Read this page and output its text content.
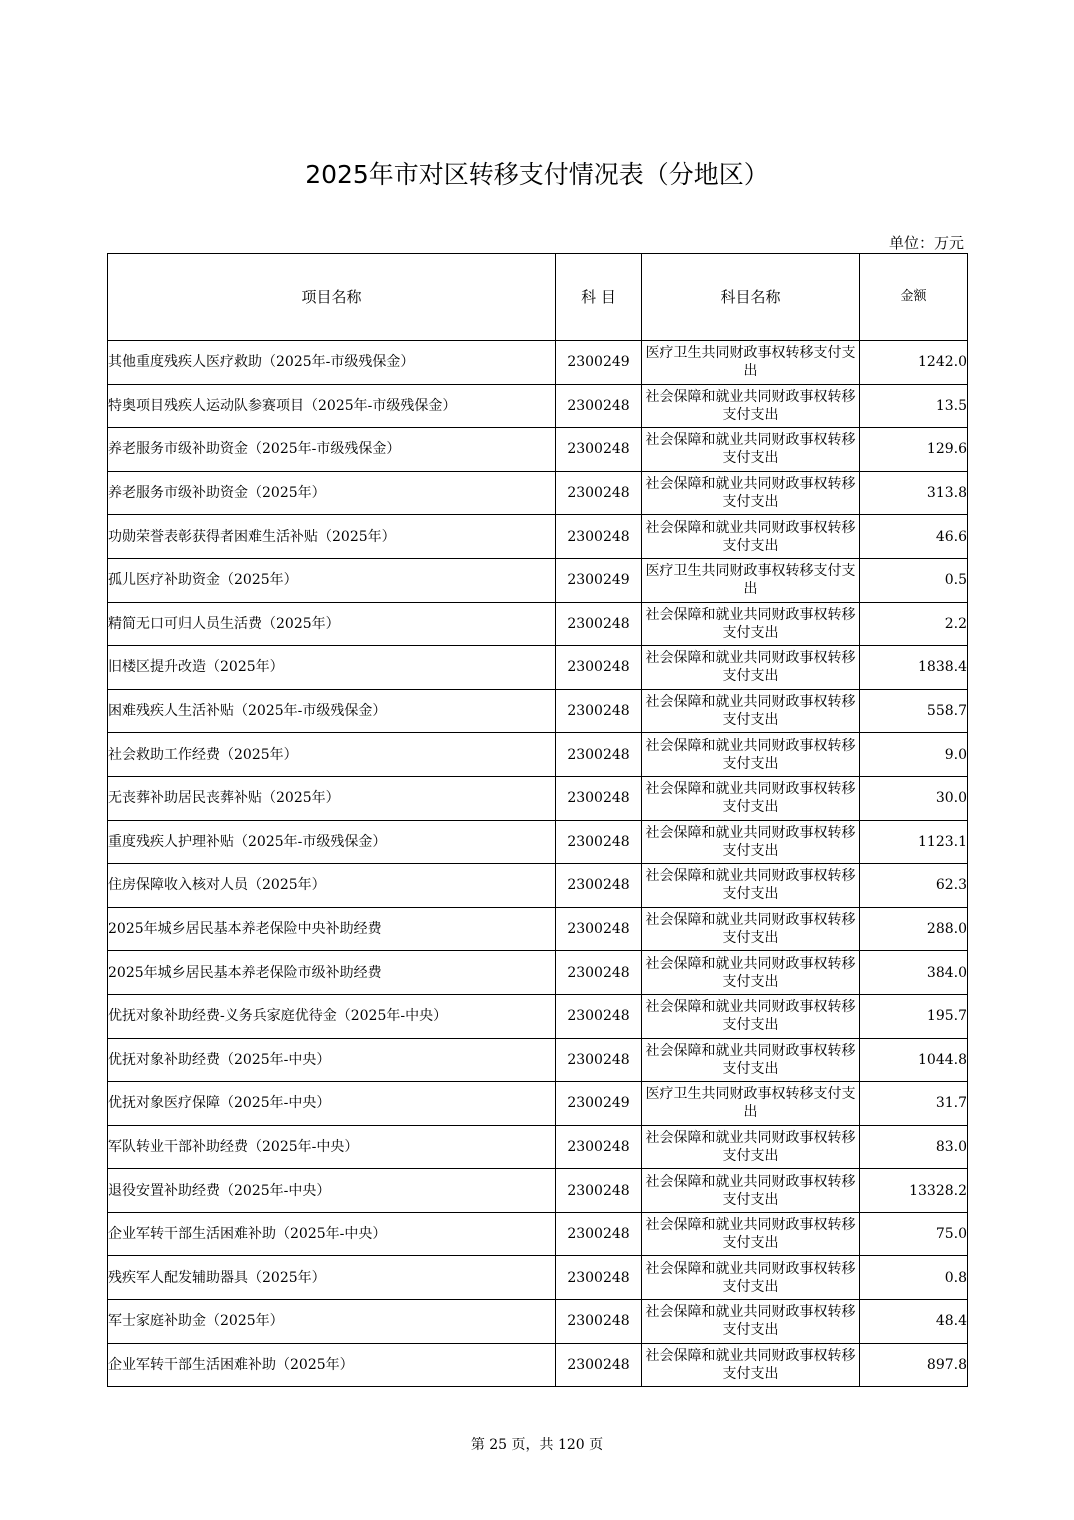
2025年市对区转移支付情况表（分地区）
单位：万元
项目名称	科 目	科目名称	金额
其他重度残疾人医疗救助（2025年-市级残保金）	2300249	医疗卫生共同财政事权转移支付支出	1242.0
特奥项目残疾人运动队参赛项目（2025年-市级残保金）	2300248	社会保障和就业共同财政事权转移支付支出	13.5
养老服务市级补助资金（2025年-市级残保金）	2300248	社会保障和就业共同财政事权转移支付支出	129.6
养老服务市级补助资金（2025年）	2300248	社会保障和就业共同财政事权转移支付支出	313.8
功勋荣誉表彰获得者困难生活补贴（2025年）	2300248	社会保障和就业共同财政事权转移支付支出	46.6
孤儿医疗补助资金（2025年）	2300249	医疗卫生共同财政事权转移支付支出	0.5
精简无口可归人员生活费（2025年）	2300248	社会保障和就业共同财政事权转移支付支出	2.2
旧楼区提升改造（2025年）	2300248	社会保障和就业共同财政事权转移支付支出	1838.4
困难残疾人生活补贴（2025年-市级残保金）	2300248	社会保障和就业共同财政事权转移支付支出	558.7
社会救助工作经费（2025年）	2300248	社会保障和就业共同财政事权转移支付支出	9.0
无丧葬补助居民丧葬补贴（2025年）	2300248	社会保障和就业共同财政事权转移支付支出	30.0
重度残疾人护理补贴（2025年-市级残保金）	2300248	社会保障和就业共同财政事权转移支付支出	1123.1
住房保障收入核对人员（2025年）	2300248	社会保障和就业共同财政事权转移支付支出	62.3
2025年城乡居民基本养老保险中央补助经费	2300248	社会保障和就业共同财政事权转移支付支出	288.0
2025年城乡居民基本养老保险市级补助经费	2300248	社会保障和就业共同财政事权转移支付支出	384.0
优抚对象补助经费-义务兵家庭优待金（2025年-中央）	2300248	社会保障和就业共同财政事权转移支付支出	195.7
优抚对象补助经费（2025年-中央）	2300248	社会保障和就业共同财政事权转移支付支出	1044.8
优抚对象医疗保障（2025年-中央）	2300249	医疗卫生共同财政事权转移支付支出	31.7
军队转业干部补助经费（2025年-中央）	2300248	社会保障和就业共同财政事权转移支付支出	83.0
退役安置补助经费（2025年-中央）	2300248	社会保障和就业共同财政事权转移支付支出	13328.2
企业军转干部生活困难补助（2025年-中央）	2300248	社会保障和就业共同财政事权转移支付支出	75.0
残疾军人配发辅助器具（2025年）	2300248	社会保障和就业共同财政事权转移支付支出	0.8
军士家庭补助金（2025年）	2300248	社会保障和就业共同财政事权转移支付支出	48.4
企业军转干部生活困难补助（2025年）	2300248	社会保障和就业共同财政事权转移支付支出	897.8
第 25 页，共 120 页
